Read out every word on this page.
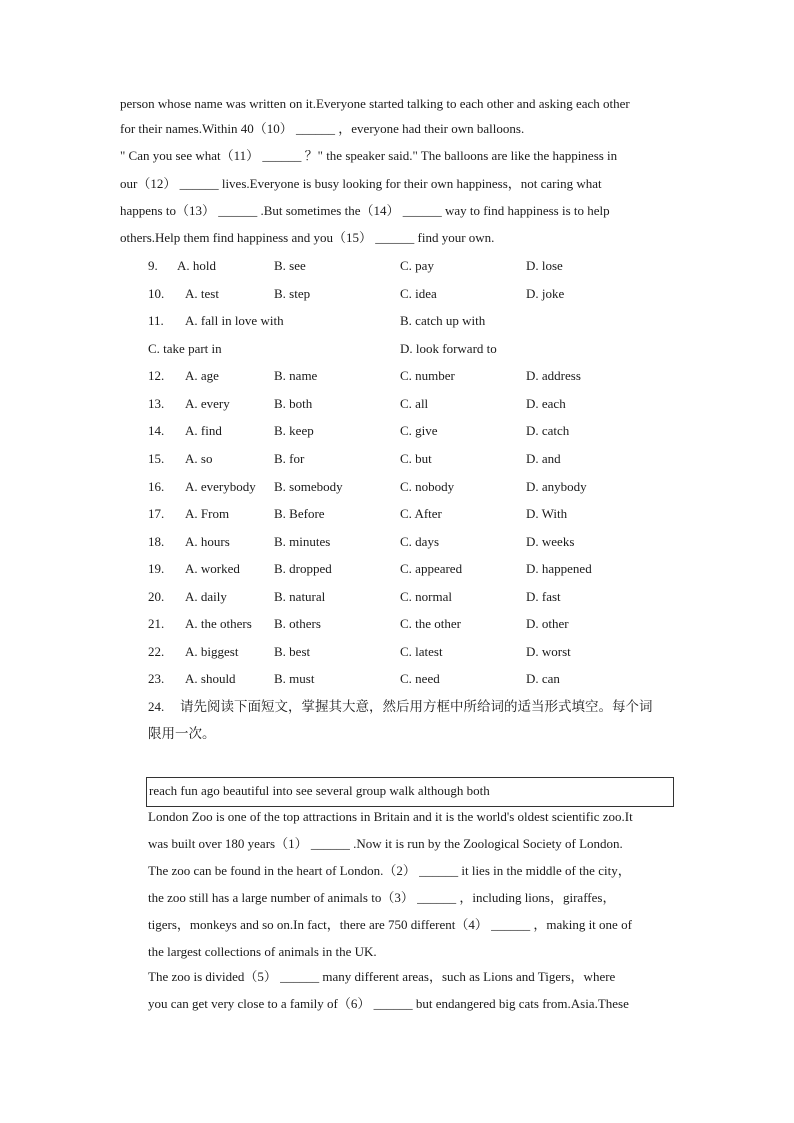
person whose name was written on it.Everyone started talking to each other and asking each other
for their names.Within 40（10） ______ ，everyone had their own balloons.
" Can you see what（11） ______ ？" the speaker said." The balloons are like the happiness in
our（12） ______ lives.Everyone is busy looking for their own happiness，not caring what
happens to（13） ______ .But sometimes the（14） ______ way to find happiness is to help
others.Help them find happiness and you（15） ______ find your own.
9. A. hold	B. see	C. pay	D. lose
10. A. test	B. step	C. idea	D. joke
11. A. fall in love with	B. catch up with
C. take part in	D. look forward to
12. A. age	B. name	C. number	D. address
13. A. every	B. both	C. all	D. each
14. A. find	B. keep	C. give	D. catch
15. A. so	B. for	C. but	D. and
16. A. everybody B. somebody	C. nobody	D. anybody
17. A. From	B. Before	C. After	D. With
18. A. hours	B. minutes	C. days	D. weeks
19. A. worked	B. dropped	C. appeared	D. happened
20. A. daily	B. natural	C. normal	D. fast
21. A. the others B. others	C. the other	D. other
22. A. biggest	B. best	C. latest	D. worst
23. A. should	B. must	C. need	D. can
24. 请先阅读下面短文，掌握其大意，然后用方框中所给词的适当形式填空。每个词
限用一次。
reach fun ago beautiful into see several group walk although both
London Zoo is one of the top attractions in Britain and it is the world's oldest scientific zoo.It
was built over 180 years（1） ______ .Now it is run by the Zoological Society of London.
The zoo can be found in the heart of London.（2） ______ it lies in the middle of the city，
the zoo still has a large number of animals to（3） ______ ，including lions，giraffes，
tigers，monkeys and so on.In fact，there are 750 different（4） ______ ，making it one of
the largest collections of animals in the UK.
The zoo is divided（5） ______ many different areas，such as Lions and Tigers，where
you can get very close to a family of（6） ______ but endangered big cats from.Asia.These
